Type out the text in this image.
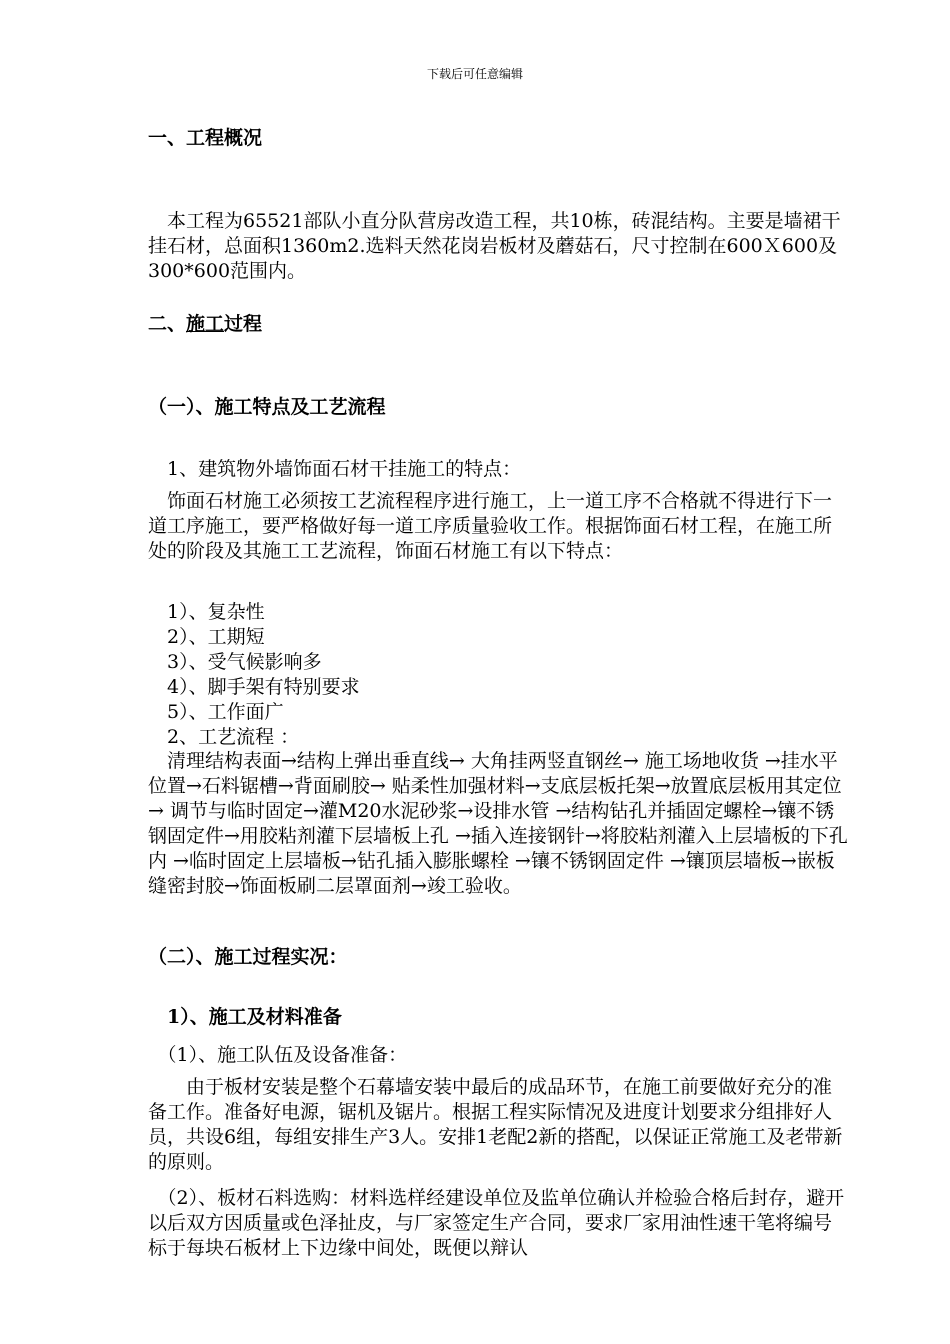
下载后可任意编辑

一、工程概况

　本工程为65521部队小直分队营房改造工程，共10栋，砖混结构。主要是墙裙干挂石材，总面积1360m2.选料天然花岗岩板材及蘑菇石，尺寸控制在600Ｘ600及300*600范围内。

二、施工过程

（一）、施工特点及工艺流程

　1、建筑物外墙饰面石材干挂施工的特点：

　饰面石材施工必须按工艺流程程序进行施工，上一道工序不合格就不得进行下一道工序施工，要严格做好每一道工序质量验收工作。根据饰面石材工程，在施工所处的阶段及其施工工艺流程，饰面石材施工有以下特点：

　1）、复杂性
　2）、工期短
　3）、受气候影响多
　4）、脚手架有特别要求
　5）、工作面广
　2、工艺流程 ：

　清理结构表面→结构上弹出垂直线→ 大角挂两竖直钢丝→ 施工场地收货 →挂水平位置→石料锯槽→背面刷胶→ 贴柔性加强材料→支底层板托架→放置底层板用其定位→ 调节与临时固定→灌M20水泥砂浆→设排水管 →结构钻孔并插固定螺栓→镶不锈钢固定件→用胶粘剂灌下层墙板上孔 →插入连接钢针→将胶粘剂灌入上层墙板的下孔内 →临时固定上层墙板→钻孔插入膨胀螺栓 →镶不锈钢固定件 →镶顶层墙板→嵌板缝密封胶→饰面板刷二层罩面剂→竣工验收。

（二）、施工过程实况：

　1）、施工及材料准备

　（1）、施工队伍及设备准备：

　　由于板材安装是整个石幕墙安装中最后的成品环节，在施工前要做好充分的准备工作。准备好电源，锯机及锯片。根据工程实际情况及进度计划要求分组排好人员，共设6组，每组安排生产3人。安排1老配2新的搭配，以保证正常施工及老带新的原则。

　（2）、板材石料选购：材料选样经建设单位及监单位确认并检验合格后封存，避开以后双方因质量或色泽扯皮，与厂家签定生产合同，要求厂家用油性速干笔将编号标于每块石板材上下边缘中间处，既便以辩认
